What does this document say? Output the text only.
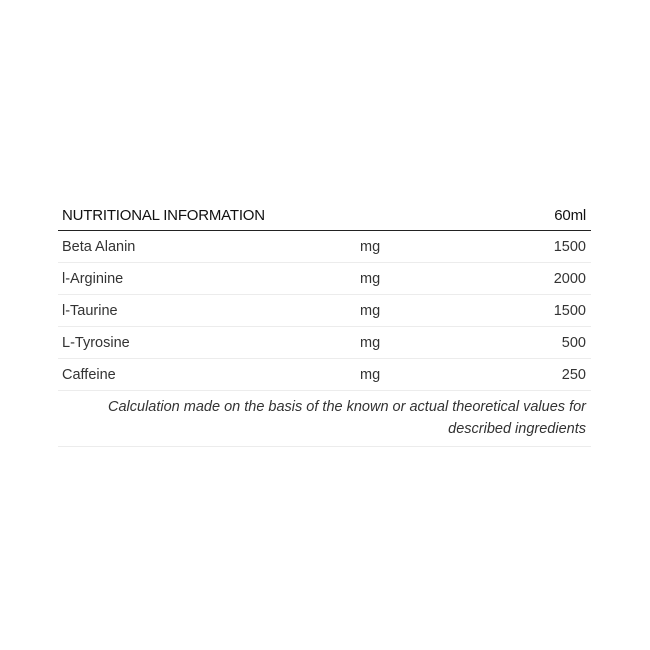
NUTRITIONAL INFORMATION	60ml
Beta Alanin	mg	1500
l-Arginine	mg	2000
l-Taurine	mg	1500
L-Tyrosine	mg	500
Caffeine	mg	250
Calculation made on the basis of the known or actual theoretical values for described ingredients
